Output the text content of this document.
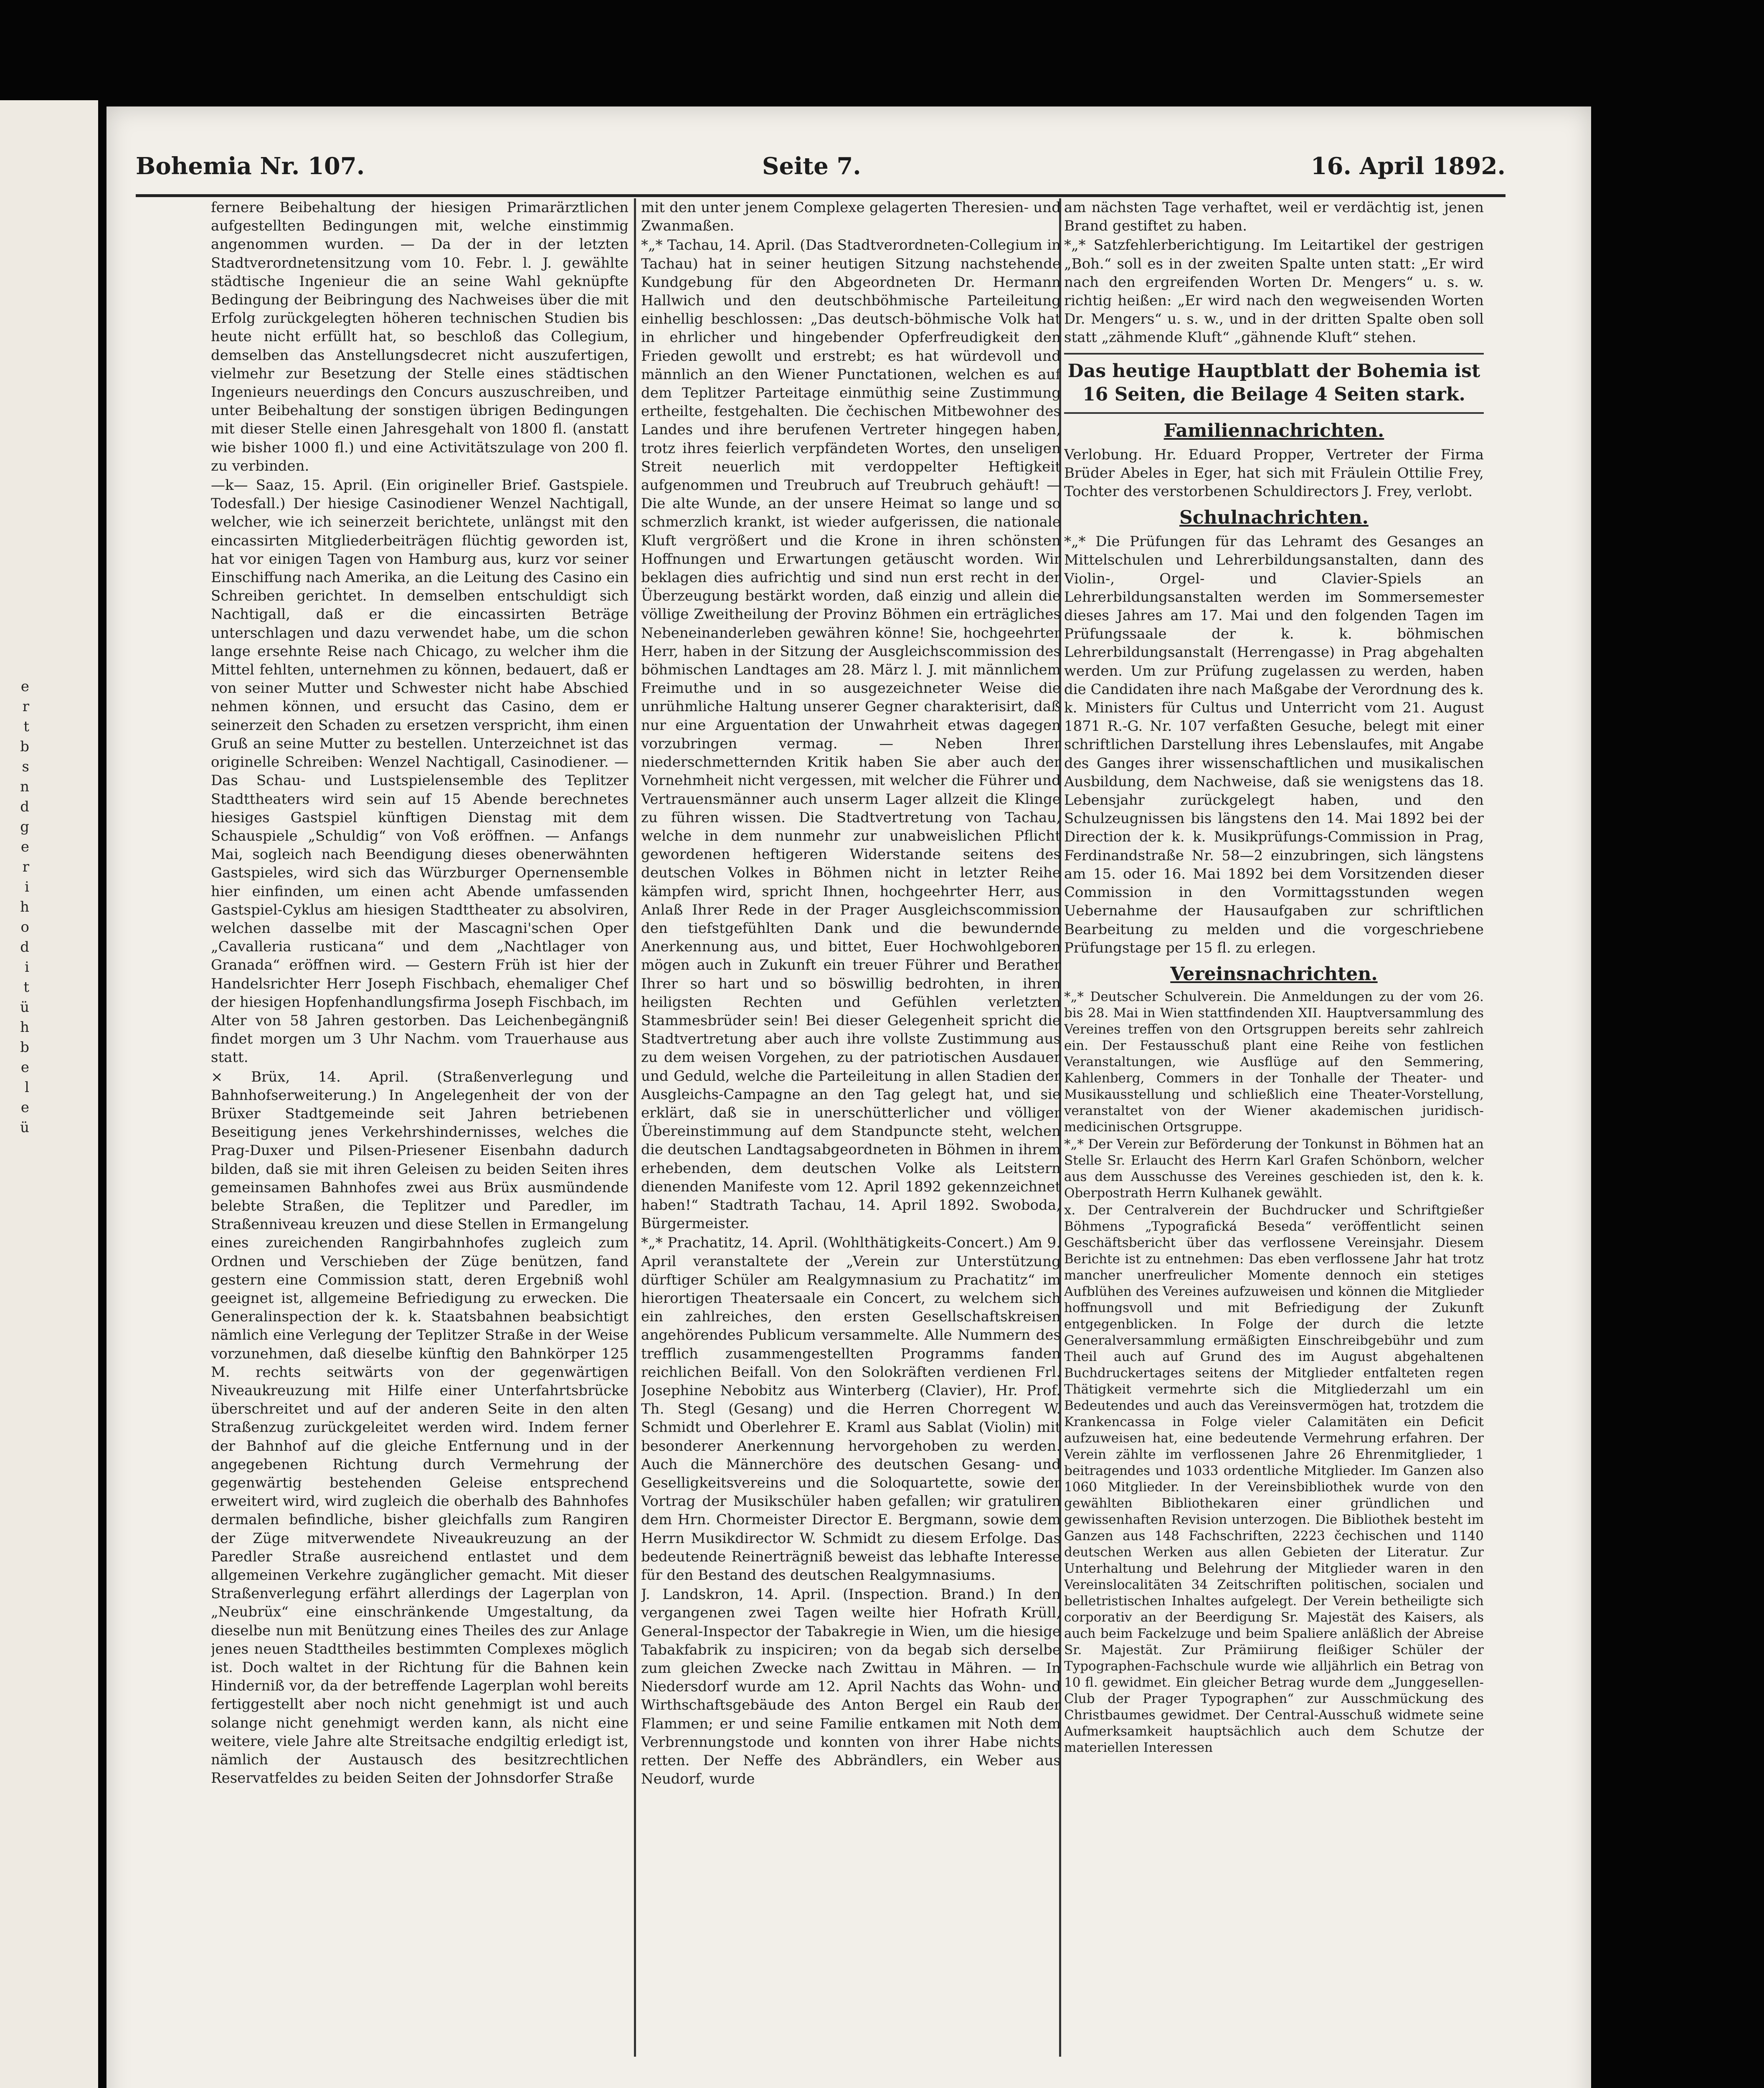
e
r
t
b
s
n
d
g
e
r
i
h
o
d
i
t
ü
h
b
e
l
e
ü
Bohemia Nr. 107.	Seite 7.	16. April 1892.

fernere Beibehaltung der hiesigen Primarärztlichen aufgestellten Bedingungen mit, welche einstimmig angenommen wurden. — Da der in der letzten Stadtverordnetensitzung vom 10. Febr. l. J. gewählte städtische Ingenieur die an seine Wahl geknüpfte Bedingung der Beibringung des Nachweises über die mit Erfolg zurückgelegten höheren technischen Studien bis heute nicht erfüllt hat, so beschloß das Collegium, demselben das Anstellungsdecret nicht auszufertigen, vielmehr zur Besetzung der Stelle eines städtischen Ingenieurs neuerdings den Concurs auszuschreiben, und unter Beibehaltung der sonstigen übrigen Bedingungen mit dieser Stelle einen Jahresgehalt von 1800 fl. (anstatt wie bisher 1000 fl.) und eine Activitätszulage von 200 fl. zu verbinden.

—k— Saaz, 15. April. (Ein origineller Brief. Gastspiele. Todesfall.) Der hiesige Casinodiener Wenzel Nachtigall, welcher, wie ich seinerzeit berichtete, unlängst mit den eincassirten Mitgliederbeiträgen flüchtig geworden ist, hat vor einigen Tagen von Hamburg aus, kurz vor seiner Einschiffung nach Amerika, an die Leitung des Casino ein Schreiben gerichtet. In demselben entschuldigt sich Nachtigall, daß er die eincassirten Beträge unterschlagen und dazu verwendet habe, um die schon lange ersehnte Reise nach Chicago, zu welcher ihm die Mittel fehlten, unternehmen zu können, bedauert, daß er von seiner Mutter und Schwester nicht habe Abschied nehmen können, und ersucht das Casino, dem er seinerzeit den Schaden zu ersetzen verspricht, ihm einen Gruß an seine Mutter zu bestellen. Unterzeichnet ist das originelle Schreiben: Wenzel Nachtigall, Casinodiener. — Das Schau- und Lustspielensemble des Teplitzer Stadttheaters wird sein auf 15 Abende berechnetes hiesiges Gastspiel künftigen Dienstag mit dem Schauspiele „Schuldig“ von Voß eröffnen. — Anfangs Mai, sogleich nach Beendigung dieses obenerwähnten Gastspieles, wird sich das Würzburger Opernensemble hier einfinden, um einen acht Abende umfassenden Gastspiel-Cyklus am hiesigen Stadttheater zu absolviren, welchen dasselbe mit der Mascagni'schen Oper „Cavalleria rusticana“ und dem „Nachtlager von Granada“ eröffnen wird. — Gestern Früh ist hier der Handelsrichter Herr Joseph Fischbach, ehemaliger Chef der hiesigen Hopfenhandlungsfirma Joseph Fischbach, im Alter von 58 Jahren gestorben. Das Leichenbegängniß findet morgen um 3 Uhr Nachm. vom Trauerhause aus statt.

× Brüx, 14. April. (Straßenverlegung und Bahnhofserweiterung.) In Angelegenheit der von der Brüxer Stadtgemeinde seit Jahren betriebenen Beseitigung jenes Verkehrshindernisses, welches die Prag-Duxer und Pilsen-Priesener Eisenbahn dadurch bilden, daß sie mit ihren Geleisen zu beiden Seiten ihres gemeinsamen Bahnhofes zwei aus Brüx ausmündende belebte Straßen, die Teplitzer und Paredler, im Straßenniveau kreuzen und diese Stellen in Ermangelung eines zureichenden Rangirbahnhofes zugleich zum Ordnen und Verschieben der Züge benützen, fand gestern eine Commission statt, deren Ergebniß wohl geeignet ist, allgemeine Befriedigung zu erwecken. Die Generalinspection der k. k. Staatsbahnen beabsichtigt nämlich eine Verlegung der Teplitzer Straße in der Weise vorzunehmen, daß dieselbe künftig den Bahnkörper 125 M. rechts seitwärts von der gegenwärtigen Niveaukreuzung mit Hilfe einer Unterfahrtsbrücke überschreitet und auf der anderen Seite in den alten Straßenzug zurückgeleitet werden wird. Indem ferner der Bahnhof auf die gleiche Entfernung und in der angegebenen Richtung durch Vermehrung der gegenwärtig bestehenden Geleise entsprechend erweitert wird, wird zugleich die oberhalb des Bahnhofes dermalen befindliche, bisher gleichfalls zum Rangiren der Züge mitverwendete Niveaukreuzung an der Paredler Straße ausreichend entlastet und dem allgemeinen Verkehre zugänglicher gemacht. Mit dieser Straßenverlegung erfährt allerdings der Lagerplan von „Neubrüx“ eine einschränkende Umgestaltung, da dieselbe nun mit Benützung eines Theiles des zur Anlage jenes neuen Stadttheiles bestimmten Complexes möglich ist. Doch waltet in der Richtung für die Bahnen kein Hinderniß vor, da der betreffende Lagerplan wohl bereits fertiggestellt aber noch nicht genehmigt ist und auch solange nicht genehmigt werden kann, als nicht eine weitere, viele Jahre alte Streitsache endgiltig erledigt ist, nämlich der Austausch des besitzrechtlichen Reservatfeldes zu beiden Seiten der Johnsdorfer Straße

mit den unter jenem Complexe gelagerten Theresien- und Zwanmaßen.

*„* Tachau, 14. April. (Das Stadtverordneten-Collegium in Tachau) hat in seiner heutigen Sitzung nachstehende Kundgebung für den Abgeordneten Dr. Hermann Hallwich und den deutschböhmische Parteileitung einhellig beschlossen: „Das deutsch-böhmische Volk hat in ehrlicher und hingebender Opferfreudigkeit den Frieden gewollt und erstrebt; es hat würdevoll und männlich an den Wiener Punctationen, welchen es auf dem Teplitzer Parteitage einmüthig seine Zustimmung ertheilte, festgehalten. Die čechischen Mitbewohner des Landes und ihre berufenen Vertreter hingegen haben, trotz ihres feierlich verpfändeten Wortes, den unseligen Streit neuerlich mit verdoppelter Heftigkeit aufgenommen und Treubruch auf Treubruch gehäuft! — Die alte Wunde, an der unsere Heimat so lange und so schmerzlich krankt, ist wieder aufgerissen, die nationale Kluft vergrößert und die Krone in ihren schönsten Hoffnungen und Erwartungen getäuscht worden. Wir beklagen dies aufrichtig und sind nun erst recht in der Überzeugung bestärkt worden, daß einzig und allein die völlige Zweitheilung der Provinz Böhmen ein erträgliches Nebeneinanderleben gewähren könne! Sie, hochgeehrter Herr, haben in der Sitzung der Ausgleichscommission des böhmischen Landtages am 28. März l. J. mit männlichem Freimuthe und in so ausgezeichneter Weise die unrühmliche Haltung unserer Gegner charakterisirt, daß nur eine Arguentation der Unwahrheit etwas dagegen vorzubringen vermag. — Neben Ihrer niederschmetternden Kritik haben Sie aber auch der Vornehmheit nicht vergessen, mit welcher die Führer und Vertrauensmänner auch unserm Lager allzeit die Klinge zu führen wissen. Die Stadtvertretung von Tachau, welche in dem nunmehr zur unabweislichen Pflicht gewordenen heftigeren Widerstande seitens des deutschen Volkes in Böhmen nicht in letzter Reihe kämpfen wird, spricht Ihnen, hochgeehrter Herr, aus Anlaß Ihrer Rede in der Prager Ausgleichscommission den tiefstgefühlten Dank und die bewundernde Anerkennung aus, und bittet, Euer Hochwohlgeboren mögen auch in Zukunft ein treuer Führer und Berather Ihrer so hart und so böswillig bedrohten, in ihren heiligsten Rechten und Gefühlen verletzten Stammesbrüder sein! Bei dieser Gelegenheit spricht die Stadtvertretung aber auch ihre vollste Zustimmung aus zu dem weisen Vorgehen, zu der patriotischen Ausdauer und Geduld, welche die Parteileitung in allen Stadien der Ausgleichs-Campagne an den Tag gelegt hat, und sie erklärt, daß sie in unerschütterlicher und völliger Übereinstimmung auf dem Standpuncte steht, welchen die deutschen Landtagsabgeordneten in Böhmen in ihrem erhebenden, dem deutschen Volke als Leitstern dienenden Manifeste vom 12. April 1892 gekennzeichnet haben!“ Stadtrath Tachau, 14. April 1892. Swoboda, Bürgermeister.

*„* Prachatitz, 14. April. (Wohlthätigkeits-Concert.) Am 9. April veranstaltete der „Verein zur Unterstützung dürftiger Schüler am Realgymnasium zu Prachatitz“ im hierortigen Theatersaale ein Concert, zu welchem sich ein zahlreiches, den ersten Gesellschaftskreisen angehörendes Publicum versammelte. Alle Nummern des trefflich zusammengestellten Programms fanden reichlichen Beifall. Von den Solokräften verdienen Frl. Josephine Nebobitz aus Winterberg (Clavier), Hr. Prof. Th. Stegl (Gesang) und die Herren Chorregent W. Schmidt und Oberlehrer E. Kraml aus Sablat (Violin) mit besonderer Anerkennung hervorgehoben zu werden. Auch die Männerchöre des deutschen Gesang- und Geselligkeitsvereins und die Soloquartette, sowie der Vortrag der Musikschüler haben gefallen; wir gratuliren dem Hrn. Chormeister Director E. Bergmann, sowie dem Herrn Musikdirector W. Schmidt zu diesem Erfolge. Das bedeutende Reinerträgniß beweist das lebhafte Interesse für den Bestand des deutschen Realgymnasiums.

J. Landskron, 14. April. (Inspection. Brand.) In den vergangenen zwei Tagen weilte hier Hofrath Krüll, General-Inspector der Tabakregie in Wien, um die hiesige Tabakfabrik zu inspiciren; von da begab sich derselbe zum gleichen Zwecke nach Zwittau in Mähren. — In Niedersdorf wurde am 12. April Nachts das Wohn- und Wirthschaftsgebäude des Anton Bergel ein Raub der Flammen; er und seine Familie entkamen mit Noth dem Verbrennungstode und konnten von ihrer Habe nichts retten. Der Neffe des Abbrändlers, ein Weber aus Neudorf, wurde

am nächsten Tage verhaftet, weil er verdächtig ist, jenen Brand gestiftet zu haben.

*„* Satzfehlerberichtigung. Im Leitartikel der gestrigen „Boh.“ soll es in der zweiten Spalte unten statt: „Er wird nach den ergreifenden Worten Dr. Mengers“ u. s. w. richtig heißen: „Er wird nach den wegweisenden Worten Dr. Mengers“ u. s. w., und in der dritten Spalte oben soll statt „zähmende Kluft“ „gähnende Kluft“ stehen.

Das heutige Hauptblatt der Bohemia ist 16 Seiten, die Beilage 4 Seiten stark.
Familiennachrichten.

Verlobung. Hr. Eduard Propper, Vertreter der Firma Brüder Abeles in Eger, hat sich mit Fräulein Ottilie Frey, Tochter des verstorbenen Schuldirectors J. Frey, verlobt.

Schulnachrichten.

*„* Die Prüfungen für das Lehramt des Gesanges an Mittelschulen und Lehrerbildungsanstalten, dann des Violin-, Orgel- und Clavier-Spiels an Lehrerbildungsanstalten werden im Sommersemester dieses Jahres am 17. Mai und den folgenden Tagen im Prüfungssaale der k. k. böhmischen Lehrerbildungsanstalt (Herrengasse) in Prag abgehalten werden. Um zur Prüfung zugelassen zu werden, haben die Candidaten ihre nach Maßgabe der Verordnung des k. k. Ministers für Cultus und Unterricht vom 21. August 1871 R.-G. Nr. 107 verfaßten Gesuche, belegt mit einer schriftlichen Darstellung ihres Lebenslaufes, mit Angabe des Ganges ihrer wissenschaftlichen und musikalischen Ausbildung, dem Nachweise, daß sie wenigstens das 18. Lebensjahr zurückgelegt haben, und den Schulzeugnissen bis längstens den 14. Mai 1892 bei der Direction der k. k. Musikprüfungs-Commission in Prag, Ferdinandstraße Nr. 58—2 einzubringen, sich längstens am 15. oder 16. Mai 1892 bei dem Vorsitzenden dieser Commission in den Vormittagsstunden wegen Uebernahme der Hausaufgaben zur schriftlichen Bearbeitung zu melden und die vorgeschriebene Prüfungstage per 15 fl. zu erlegen.

Vereinsnachrichten.

*„* Deutscher Schulverein. Die Anmeldungen zu der vom 26. bis 28. Mai in Wien stattfindenden XII. Hauptversammlung des Vereines treffen von den Ortsgruppen bereits sehr zahlreich ein. Der Festausschuß plant eine Reihe von festlichen Veranstaltungen, wie Ausflüge auf den Semmering, Kahlenberg, Commers in der Tonhalle der Theater- und Musikausstellung und schließlich eine Theater-Vorstellung, veranstaltet von der Wiener akademischen juridisch-medicinischen Ortsgruppe.

*„* Der Verein zur Beförderung der Tonkunst in Böhmen hat an Stelle Sr. Erlaucht des Herrn Karl Grafen Schönborn, welcher aus dem Ausschusse des Vereines geschieden ist, den k. k. Oberpostrath Herrn Kulhanek gewählt.

x. Der Centralverein der Buchdrucker und Schriftgießer Böhmens „Typografická Beseda“ veröffentlicht seinen Geschäftsbericht über das verflossene Vereinsjahr. Diesem Berichte ist zu entnehmen: Das eben verflossene Jahr hat trotz mancher unerfreulicher Momente dennoch ein stetiges Aufblühen des Vereines aufzuweisen und können die Mitglieder hoffnungsvoll und mit Befriedigung der Zukunft entgegenblicken. In Folge der durch die letzte Generalversammlung ermäßigten Einschreibgebühr und zum Theil auch auf Grund des im August abgehaltenen Buchdruckertages seitens der Mitglieder entfalteten regen Thätigkeit vermehrte sich die Mitgliederzahl um ein Bedeutendes und auch das Vereinsvermögen hat, trotzdem die Krankencassa in Folge vieler Calamitäten ein Deficit aufzuweisen hat, eine bedeutende Vermehrung erfahren. Der Verein zählte im verflossenen Jahre 26 Ehrenmitglieder, 1 beitragendes und 1033 ordentliche Mitglieder. Im Ganzen also 1060 Mitglieder. In der Vereinsbibliothek wurde von den gewählten Bibliothekaren einer gründlichen und gewissenhaften Revision unterzogen. Die Bibliothek besteht im Ganzen aus 148 Fachschriften, 2223 čechischen und 1140 deutschen Werken aus allen Gebieten der Literatur. Zur Unterhaltung und Belehrung der Mitglieder waren in den Vereinslocalitäten 34 Zeitschriften politischen, socialen und belletristischen Inhaltes aufgelegt. Der Verein betheiligte sich corporativ an der Beerdigung Sr. Majestät des Kaisers, als auch beim Fackelzuge und beim Spaliere anläßlich der Abreise Sr. Majestät. Zur Prämiirung fleißiger Schüler der Typographen-Fachschule wurde wie alljährlich ein Betrag von 10 fl. gewidmet. Ein gleicher Betrag wurde dem „Junggesellen-Club der Prager Typographen“ zur Ausschmückung des Christbaumes gewidmet. Der Central-Ausschuß widmete seine Aufmerksamkeit hauptsächlich auch dem Schutze der materiellen Interessen
